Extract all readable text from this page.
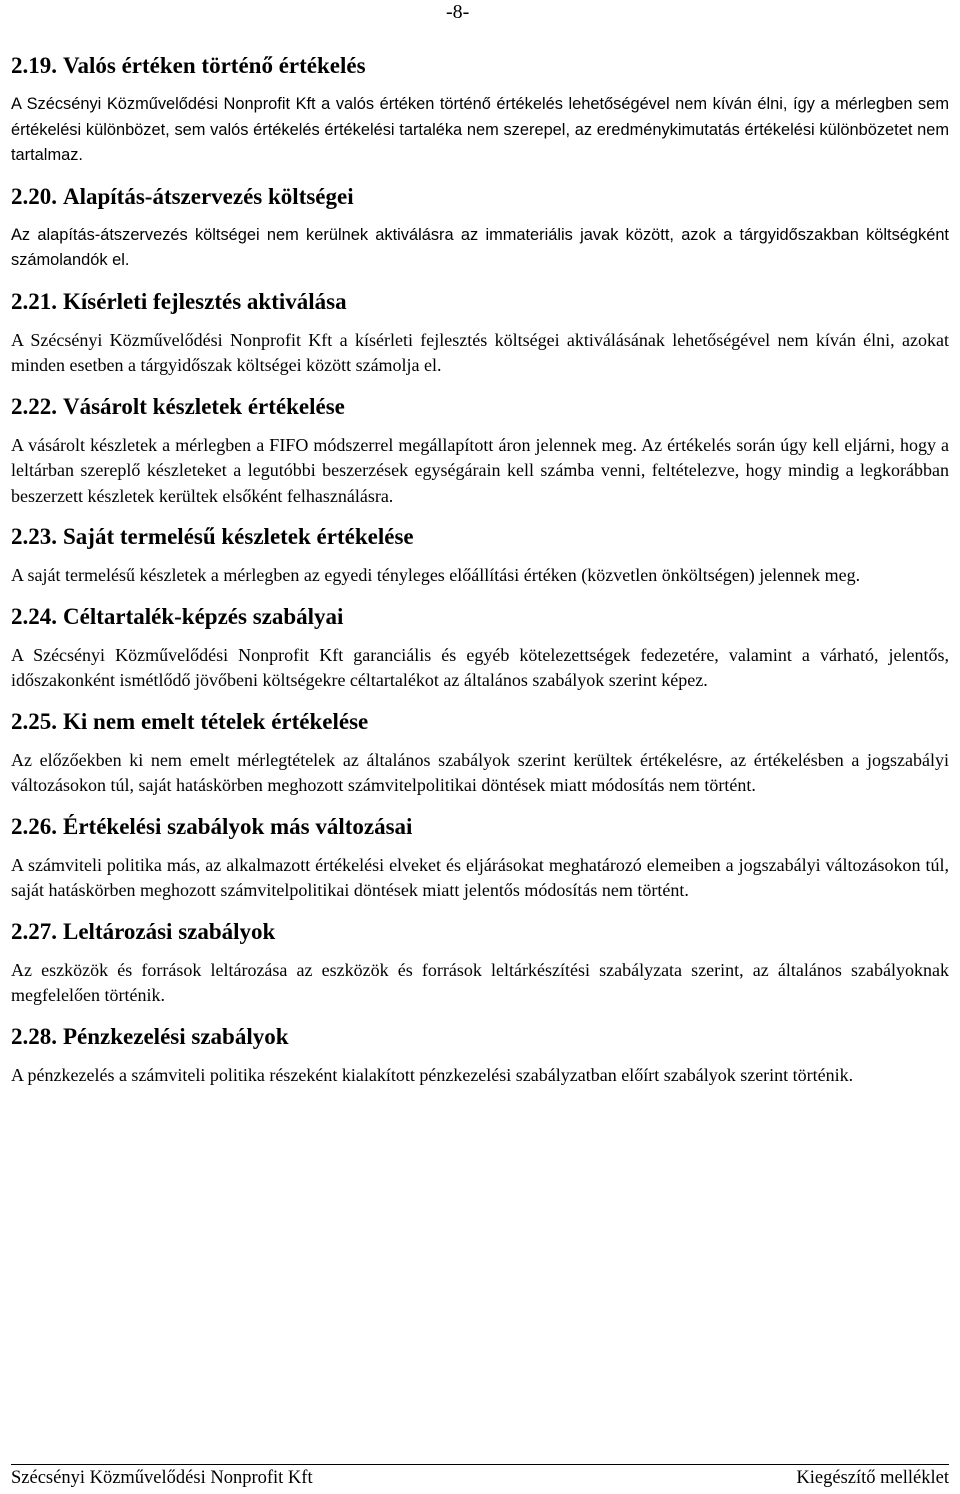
-8-
2.19. Valós értéken történő értékelés

A Szécsényi Közművelődési Nonprofit Kft a valós értéken történő értékelés lehetőségével nem kíván élni, így a mérlegben sem értékelési különbözet, sem valós értékelés értékelési tartaléka nem szerepel, az eredménykimutatás értékelési különbözetet nem tartalmaz.

2.20. Alapítás-átszervezés költségei

Az alapítás-átszervezés költségei nem kerülnek aktiválásra az immateriális javak között, azok a tárgyidőszakban költségként számolandók el.

2.21. Kísérleti fejlesztés aktiválása

A Szécsényi Közművelődési Nonprofit Kft a kísérleti fejlesztés költségei aktiválásának lehetőségével nem kíván élni, azokat minden esetben a tárgyidőszak költségei között számolja el.

2.22. Vásárolt készletek értékelése

A vásárolt készletek a mérlegben a FIFO módszerrel megállapított áron jelennek meg. Az értékelés során úgy kell eljárni, hogy a leltárban szereplő készleteket a legutóbbi beszerzések egységárain kell számba venni, feltételezve, hogy mindig a legkorábban beszerzett készletek kerültek elsőként felhasználásra.

2.23. Saját termelésű készletek értékelése

A saját termelésű készletek a mérlegben az egyedi tényleges előállítási értéken (közvetlen önköltségen) jelennek meg.

2.24. Céltartalék-képzés szabályai

A Szécsényi Közművelődési Nonprofit Kft garanciális és egyéb kötelezettségek fedezetére, valamint a várható, jelentős, időszakonként ismétlődő jövőbeni költségekre céltartalékot az általános szabályok szerint képez.

2.25. Ki nem emelt tételek értékelése

Az előzőekben ki nem emelt mérlegtételek az általános szabályok szerint kerültek értékelésre, az értékelésben a jogszabályi változásokon túl, saját hatáskörben meghozott számvitelpolitikai döntések miatt módosítás nem történt.

2.26. Értékelési szabályok más változásai

A számviteli politika más, az alkalmazott értékelési elveket és eljárásokat meghatározó elemeiben a jogszabályi változásokon túl, saját hatáskörben meghozott számvitelpolitikai döntések miatt jelentős módosítás nem történt.

2.27. Leltározási szabályok

Az eszközök és források leltározása az eszközök és források leltárkészítési szabályzata szerint, az általános szabályoknak megfelelően történik.

2.28. Pénzkezelési szabályok

A pénzkezelés a számviteli politika részeként kialakított pénzkezelési szabályzatban előírt szabályok szerint történik.

Szécsényi Közművelődési Nonprofit Kft	Kiegészítő melléklet
